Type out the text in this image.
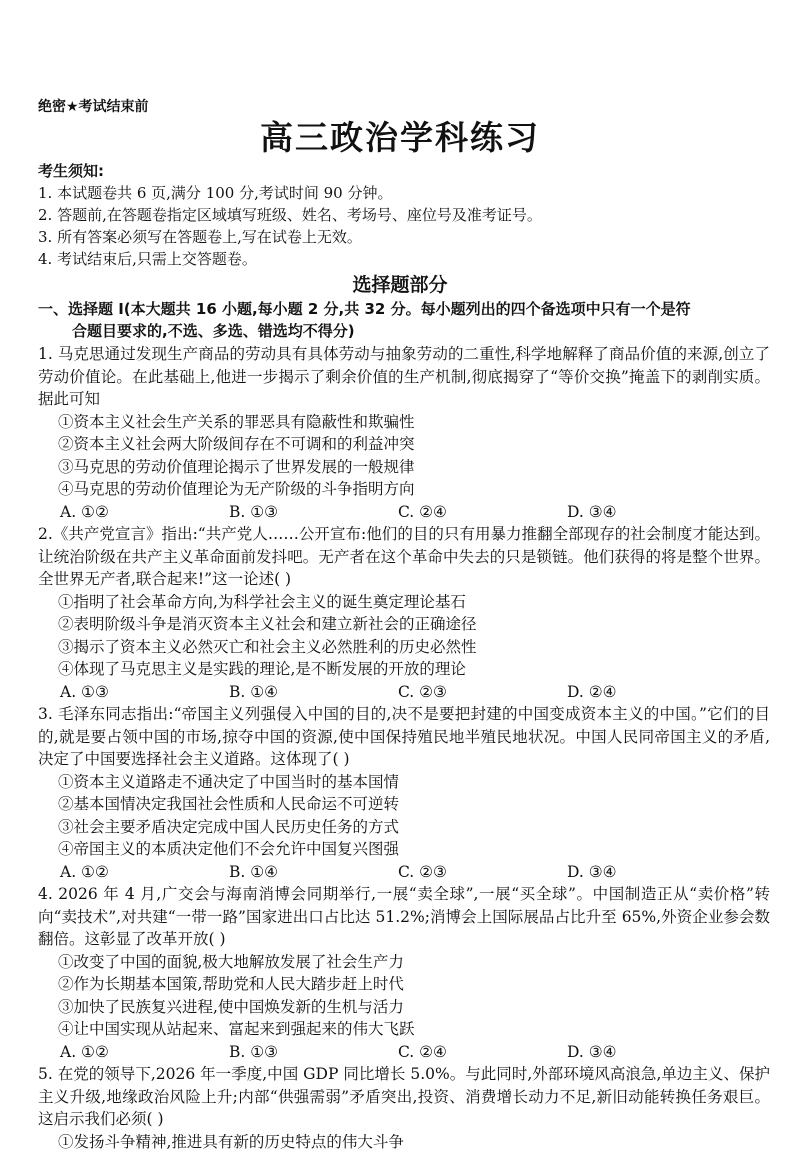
绝密★考试结束前
高三政治学科练习
考生须知:
1. 本试题卷共 6 页,满分 100 分,考试时间 90 分钟。
2. 答题前,在答题卷指定区域填写班级、姓名、考场号、座位号及准考证号。
3. 所有答案必须写在答题卷上,写在试卷上无效。
4. 考试结束后,只需上交答题卷。
选择题部分
一、选择题 I(本大题共 16 小题,每小题 2 分,共 32 分。每小题列出的四个备选项中只有一个是符
合题目要求的,不选、多选、错选均不得分)
1. 马克思通过发现生产商品的劳动具有具体劳动与抽象劳动的二重性,科学地解释了商品价值的来源,创立了劳动价值论。在此基础上,他进一步揭示了剩余价值的生产机制,彻底揭穿了“等价交换”掩盖下的剥削实质。据此可知
①资本主义社会生产关系的罪恶具有隐蔽性和欺骗性
②资本主义社会两大阶级间存在不可调和的利益冲突
③马克思的劳动价值理论揭示了世界发展的一般规律
④马克思的劳动价值理论为无产阶级的斗争指明方向
A. ①②	B. ①③	C. ②④	D. ③④
2.《共产党宣言》指出:“共产党人……公开宣布:他们的目的只有用暴力推翻全部现存的社会制度才能达到。让统治阶级在共产主义革命面前发抖吧。无产者在这个革命中失去的只是锁链。他们获得的将是整个世界。全世界无产者,联合起来!”这一论述( )
①指明了社会革命方向,为科学社会主义的诞生奠定理论基石
②表明阶级斗争是消灭资本主义社会和建立新社会的正确途径
③揭示了资本主义必然灭亡和社会主义必然胜利的历史必然性
④体现了马克思主义是实践的理论,是不断发展的开放的理论
A. ①③	B. ①④	C. ②③	D. ②④
3. 毛泽东同志指出:“帝国主义列强侵入中国的目的,决不是要把封建的中国变成资本主义的中国。”它们的目的,就是要占领中国的市场,掠夺中国的资源,使中国保持殖民地半殖民地状况。中国人民同帝国主义的矛盾,决定了中国要选择社会主义道路。这体现了( )
①资本主义道路走不通决定了中国当时的基本国情
②基本国情决定我国社会性质和人民命运不可逆转
③社会主要矛盾决定完成中国人民历史任务的方式
④帝国主义的本质决定他们不会允许中国复兴图强
A. ①②	B. ①④	C. ②③	D. ③④
4. 2026 年 4 月,广交会与海南消博会同期举行,一展“卖全球”,一展“买全球”。中国制造正从“卖价格”转向“卖技术”,对共建“一带一路”国家进出口占比达 51.2%;消博会上国际展品占比升至 65%,外资企业参会数翻倍。这彰显了改革开放( )
①改变了中国的面貌,极大地解放发展了社会生产力
②作为长期基本国策,帮助党和人民大踏步赶上时代
③加快了民族复兴进程,使中国焕发新的生机与活力
④让中国实现从站起来、富起来到强起来的伟大飞跃
A. ①②	B. ①③	C. ②④	D. ③④
5. 在党的领导下,2026 年一季度,中国 GDP 同比增长 5.0%。与此同时,外部环境风高浪急,单边主义、保护主义升级,地缘政治风险上升;内部“供强需弱”矛盾突出,投资、消费增长动力不足,新旧动能转换任务艰巨。这启示我们必须( )
①发扬斗争精神,推进具有新的历史特点的伟大斗争
